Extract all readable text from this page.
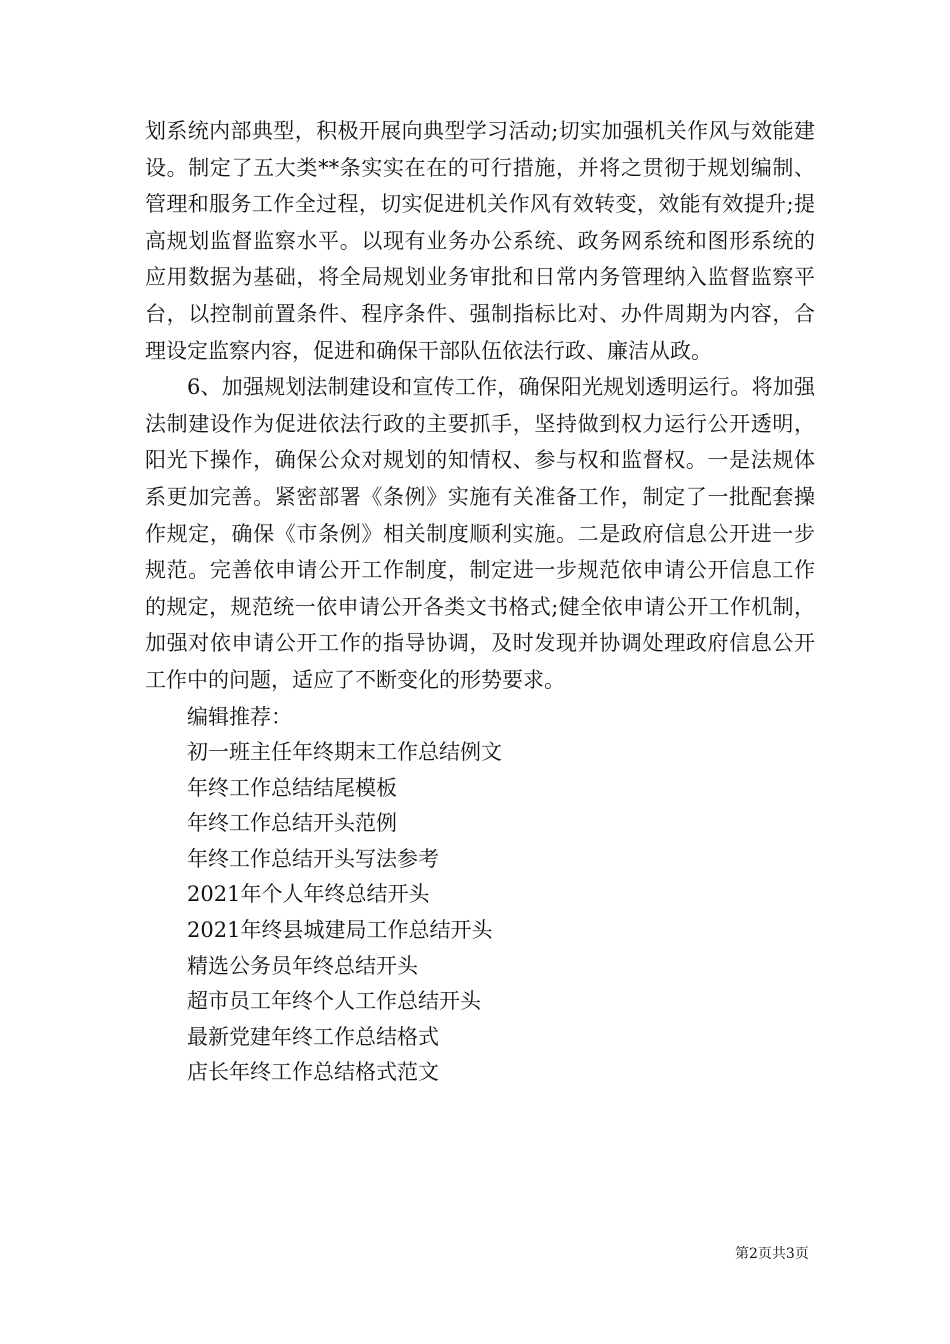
划系统内部典型，积极开展向典型学习活动;切实加强机关作风与效能建设。制定了五大类**条实实在在的可行措施，并将之贯彻于规划编制、管理和服务工作全过程，切实促进机关作风有效转变，效能有效提升;提高规划监督监察水平。以现有业务办公系统、政务网系统和图形系统的应用数据为基础，将全局规划业务审批和日常内务管理纳入监督监察平台，以控制前置条件、程序条件、强制指标比对、办件周期为内容，合理设定监察内容，促进和确保干部队伍依法行政、廉洁从政。

6、加强规划法制建设和宣传工作，确保阳光规划透明运行。将加强法制建设作为促进依法行政的主要抓手，坚持做到权力运行公开透明，阳光下操作，确保公众对规划的知情权、参与权和监督权。一是法规体系更加完善。紧密部署《条例》实施有关准备工作，制定了一批配套操作规定，确保《市条例》相关制度顺利实施。二是政府信息公开进一步规范。完善依申请公开工作制度，制定进一步规范依申请公开信息工作的规定，规范统一依申请公开各类文书格式;健全依申请公开工作机制，加强对依申请公开工作的指导协调，及时发现并协调处理政府信息公开工作中的问题，适应了不断变化的形势要求。

编辑推荐：

初一班主任年终期末工作总结例文
年终工作总结结尾模板
年终工作总结开头范例
年终工作总结开头写法参考
2021年个人年终总结开头
2021年终县城建局工作总结开头
精选公务员年终总结开头
超市员工年终个人工作总结开头
最新党建年终工作总结格式
店长年终工作总结格式范文
第2页共3页
